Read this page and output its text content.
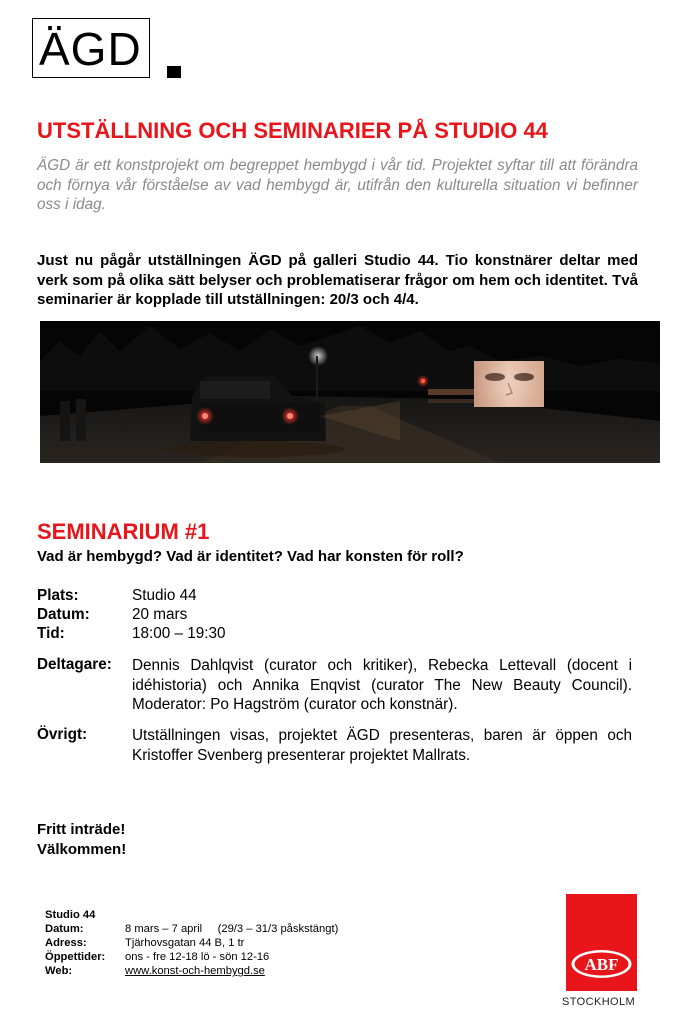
ÄGD
UTSTÄLLNING OCH SEMINARIER PÅ STUDIO 44

ÄGD är ett konstprojekt om begreppet hembygd i vår tid. Projektet syftar till att förändra och förnya vår förståelse av vad hembygd är, utifrån den kulturella situation vi befinner oss i idag.

Just nu pågår utställningen ÄGD på galleri Studio 44. Tio konstnärer deltar med verk som på olika sätt belyser och problematiserar frågor om hem och identitet. Två seminarier är kopplade till utställningen: 20/3 och 4/4.

SEMINARIUM #1

Vad är hembygd? Vad är identitet? Vad har konsten för roll?

Plats:	Studio 44
Datum:	20 mars
Tid:	18:00 – 19:30
Deltagare: Dennis Dahlqvist (curator och kritiker), Rebecka Lettevall (docent i idéhistoria) och Annika Enqvist (curator The New Beauty Council). Moderator: Po Hagström (curator och konstnär).
Övrigt:	Utställningen visas, projektet ÄGD presenteras, baren är öppen och Kristoffer Svenberg presenterar projektet Mallrats.
Fritt inträde!
Välkommen!
Studio 44
Datum:	8 mars – 7 april     (29/3 – 31/3 påskstängt)
Adress:	Tjärhovsgatan 44 B, 1 tr
Öppettider: ons - fre 12-18 lö - sön 12-16
Web:	www.konst-och-hembygd.se	ABF
STOCKHOLM
